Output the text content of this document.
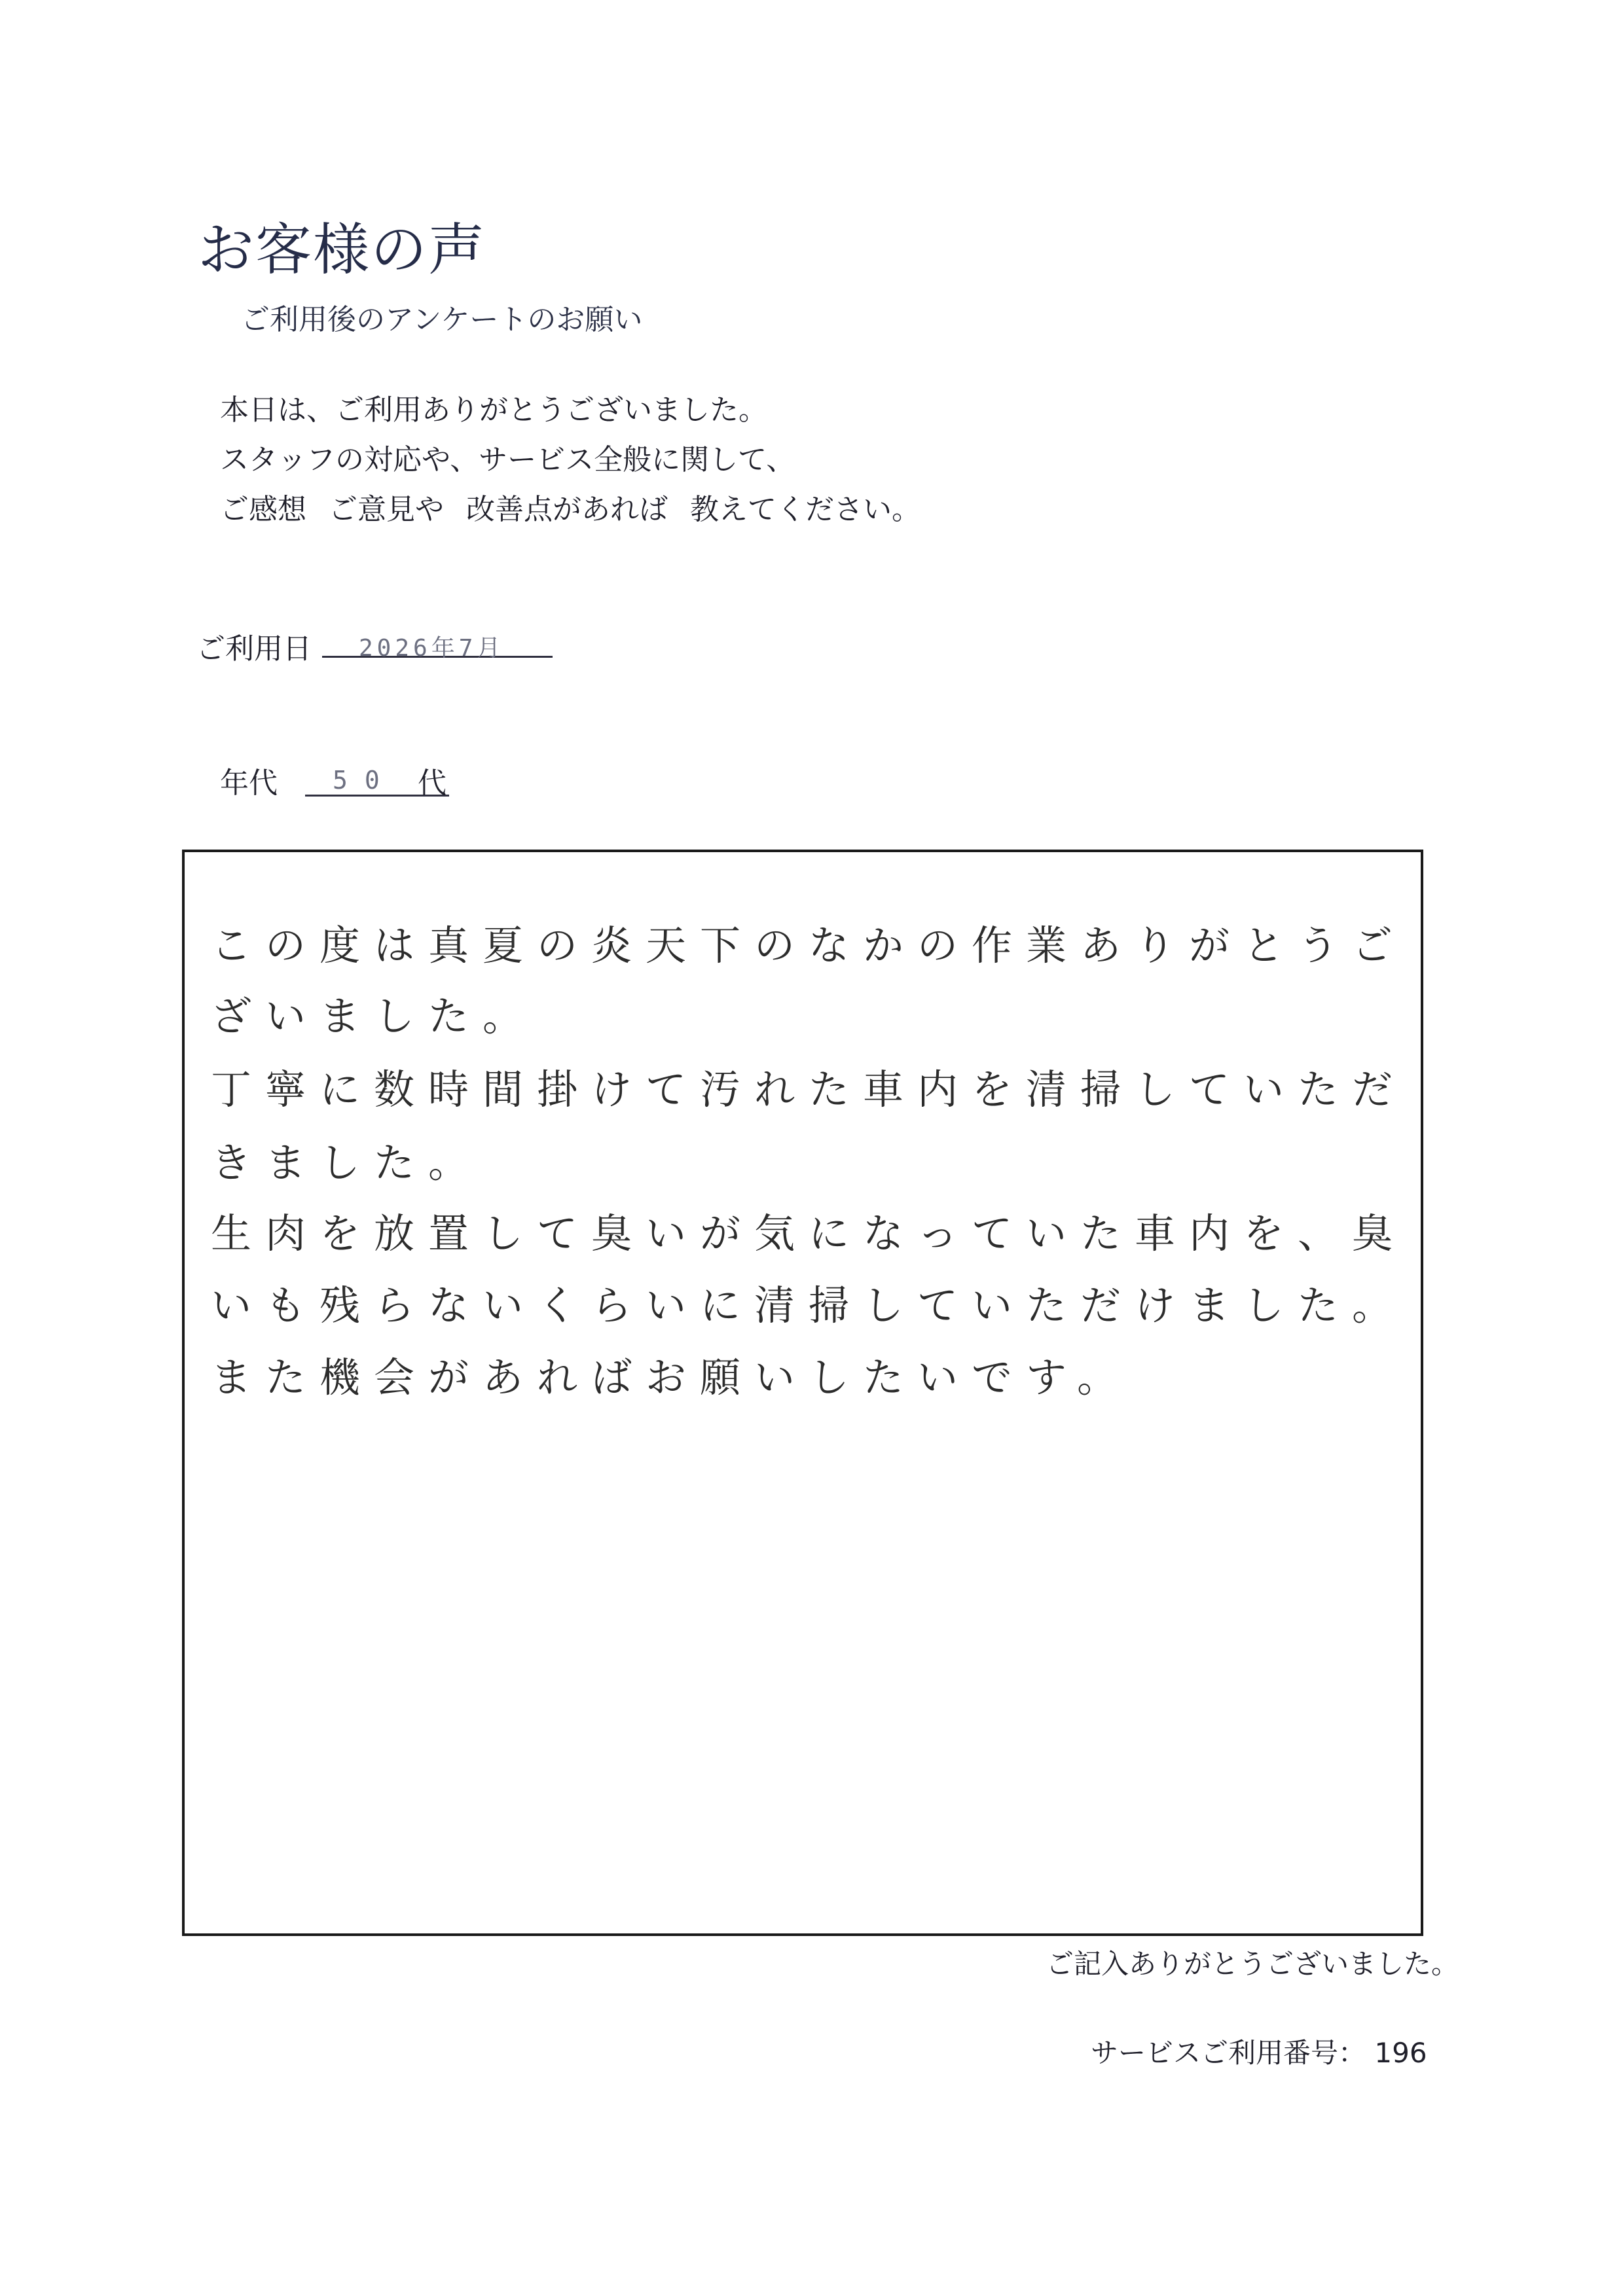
お客様の声
ご利用後のアンケートのお願い
本日は、ご利用ありがとうございました。
スタッフの対応や、サービス全般に関して、
ご感想 ご意見や 改善点があれば 教えてください。
ご利用日 2026年7月
年代 50 代
この度は真夏の炎天下のなかの作業ありがとうご
ざいました。
丁寧に数時間掛けて汚れた車内を清掃していただ
きました。
生肉を放置して臭いが気になっていた車内を、臭
いも残らないくらいに清掃していただけました。
また機会があればお願いしたいです。
ご記入ありがとうございました。
サービスご利用番号： 196
